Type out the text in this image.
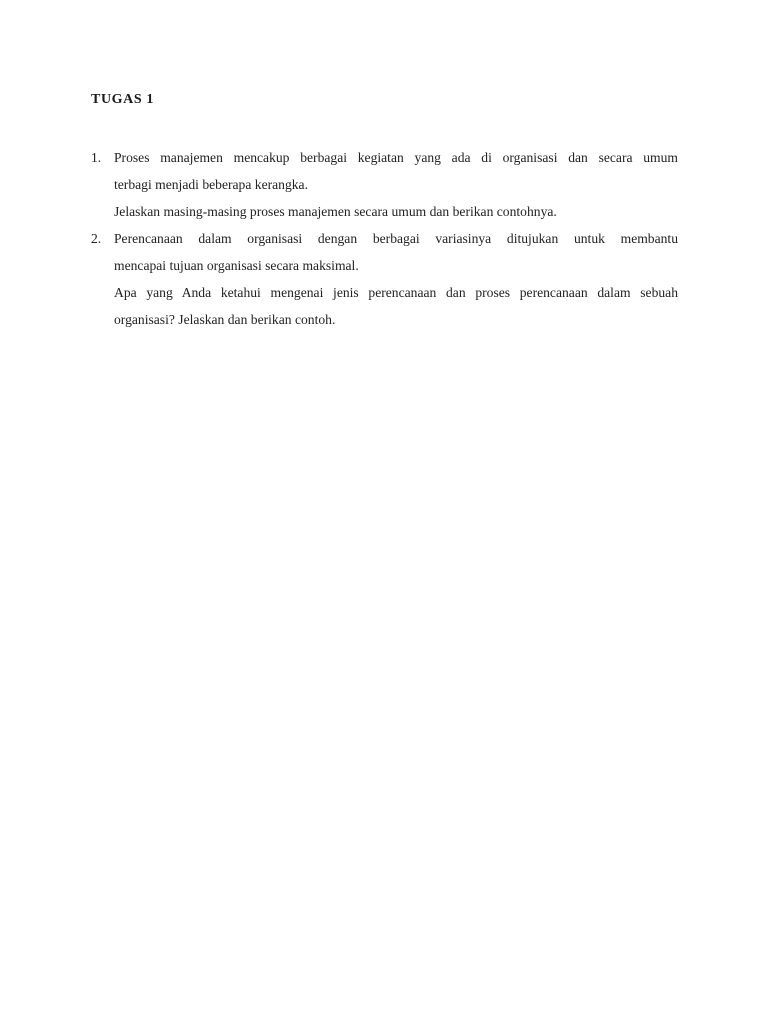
TUGAS 1
1. Proses manajemen mencakup berbagai kegiatan yang ada di organisasi dan secara umum
terbagi menjadi beberapa kerangka.
Jelaskan masing-masing proses manajemen secara umum dan berikan contohnya.
2. Perencanaan dalam organisasi dengan berbagai variasinya ditujukan untuk membantu
mencapai tujuan organisasi secara maksimal.
Apa yang Anda ketahui mengenai jenis perencanaan dan proses perencanaan dalam sebuah
organisasi? Jelaskan dan berikan contoh.
